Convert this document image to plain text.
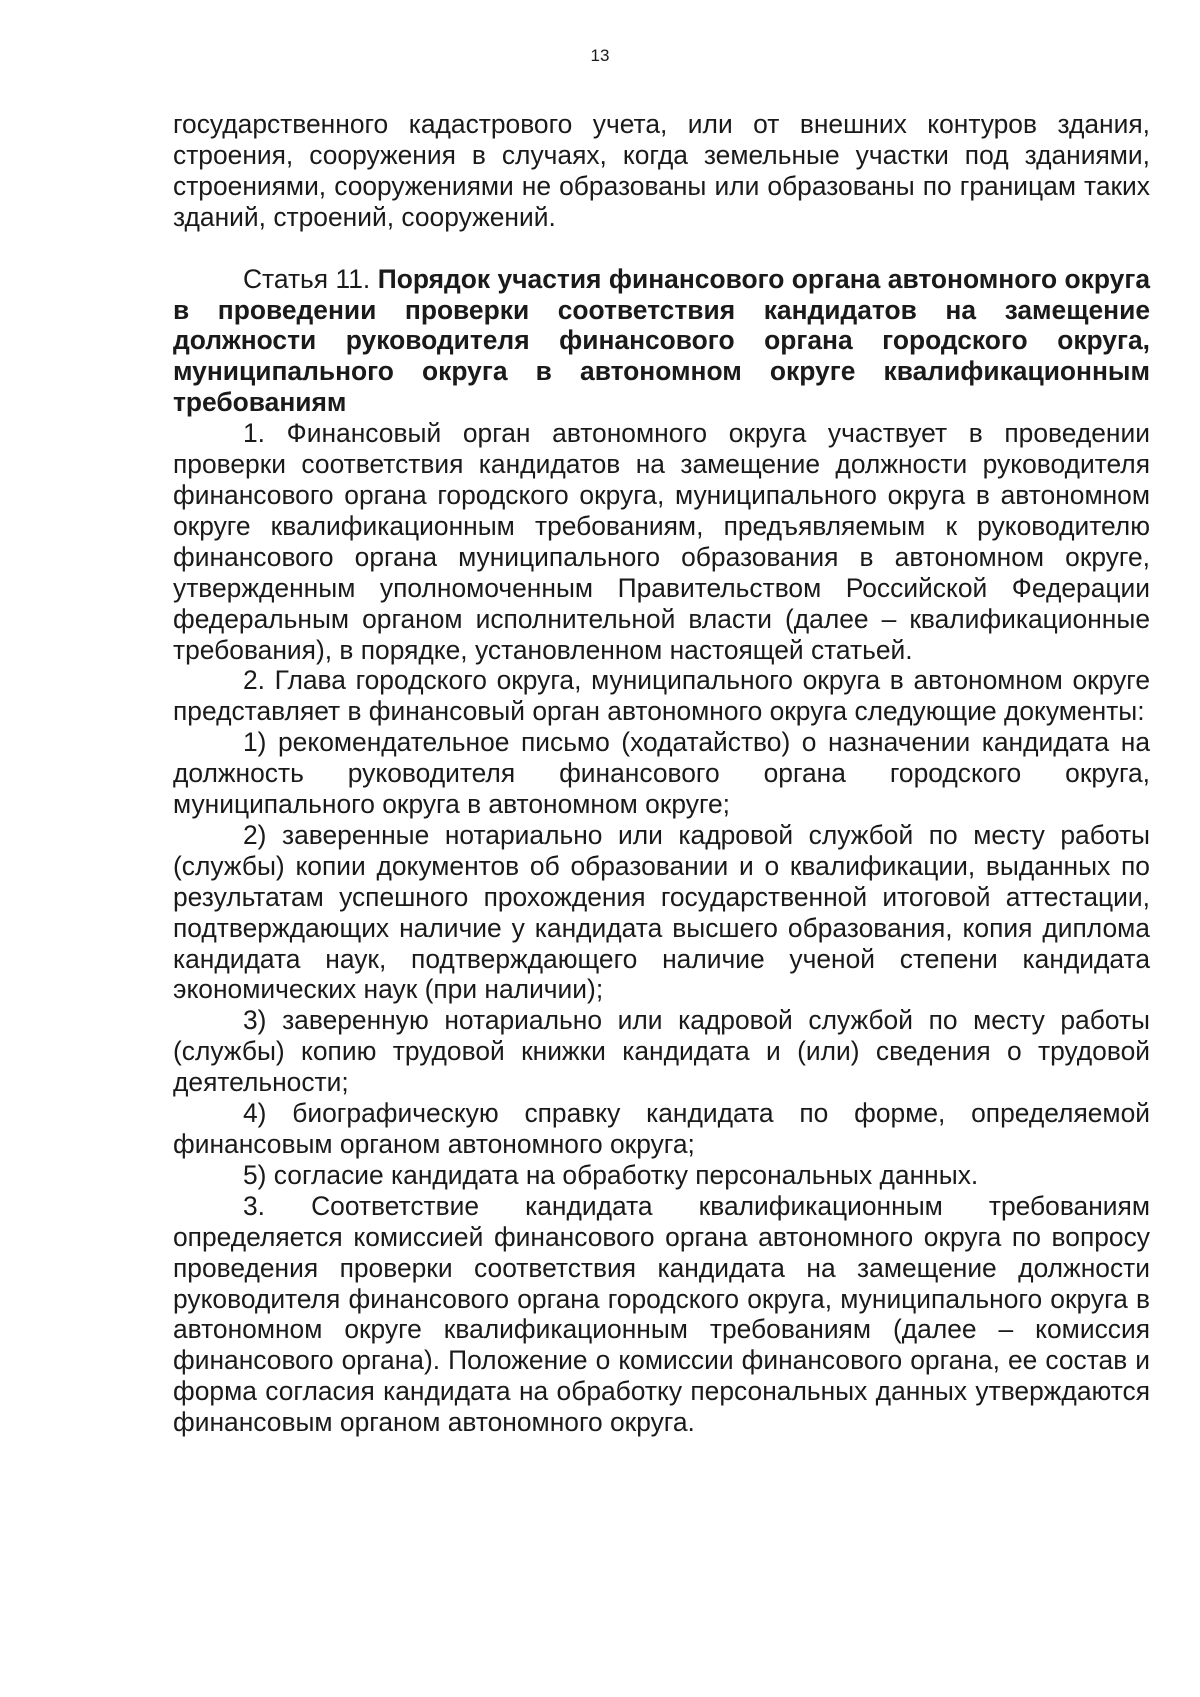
13

государственного кадастрового учета, или от внешних контуров здания, строения, сооружения в случаях, когда земельные участки под зданиями, строениями, сооружениями не образованы или образованы по границам таких зданий, строений, сооружений.

Статья 11. Порядок участия финансового органа автономного округа в проведении проверки соответствия кандидатов на замещение должности руководителя финансового органа городского округа, муниципального округа в автономном округе квалификационным требованиям

1. Финансовый орган автономного округа участвует в проведении проверки соответствия кандидатов на замещение должности руководителя финансового органа городского округа, муниципального округа в автономном округе квалификационным требованиям, предъявляемым к руководителю финансового органа муниципального образования в автономном округе, утвержденным уполномоченным Правительством Российской Федерации федеральным органом исполнительной власти (далее – квалификационные требования), в порядке, установленном настоящей статьей.

2. Глава городского округа, муниципального округа в автономном округе представляет в финансовый орган автономного округа следующие документы:

1) рекомендательное письмо (ходатайство) о назначении кандидата на должность руководителя финансового органа городского округа, муниципального округа в автономном округе;

2) заверенные нотариально или кадровой службой по месту работы (службы) копии документов об образовании и о квалификации, выданных по результатам успешного прохождения государственной итоговой аттестации, подтверждающих наличие у кандидата высшего образования, копия диплома кандидата наук, подтверждающего наличие ученой степени кандидата экономических наук (при наличии);

3) заверенную нотариально или кадровой службой по месту работы (службы) копию трудовой книжки кандидата и (или) сведения о трудовой деятельности;

4) биографическую справку кандидата по форме, определяемой финансовым органом автономного округа;

5) согласие кандидата на обработку персональных данных.

3. Соответствие кандидата квалификационным требованиям определяется комиссией финансового органа автономного округа по вопросу проведения проверки соответствия кандидата на замещение должности руководителя финансового органа городского округа, муниципального округа в автономном округе квалификационным требованиям (далее – комиссия финансового органа). Положение о комиссии финансового органа, ее состав и форма согласия кандидата на обработку персональных данных утверждаются финансовым органом автономного округа.
